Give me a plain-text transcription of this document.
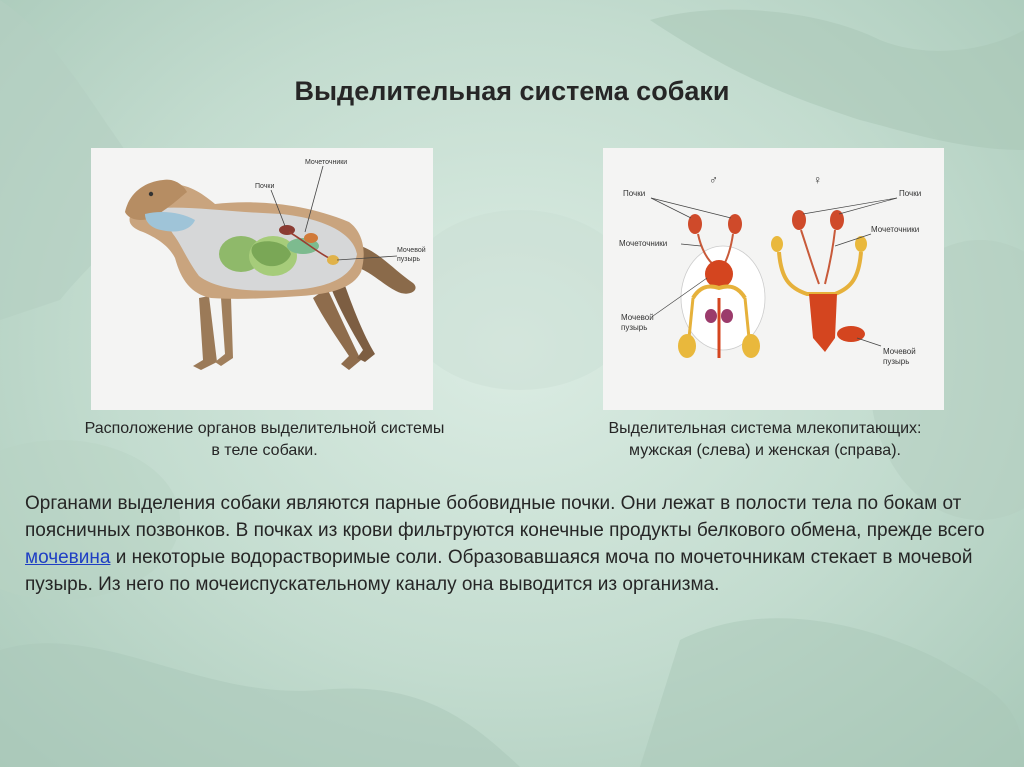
Выделительная система собаки
Мочеточники
Почки
Мочевой
пузырь
♂	♀
Почки	Почки
Мочеточники
Мочеточники
Мочевой
пузырь
Мочевой
пузырь

Расположение органов выделительной системы
в теле собаки.

Выделительная система млекопитающих:
мужская (слева) и женская (справа).

Органами выделения собаки являются парные бобовидные почки. Они лежат в полости тела по бокам от поясничных позвонков. В почках из крови фильтруются конечные продукты белкового обмена, прежде всего мочевина и некоторые водорастворимые соли. Образовавшаяся моча по мочеточникам стекает в мочевой пузырь. Из него по мочеиспускательному каналу она выводится из организма.
